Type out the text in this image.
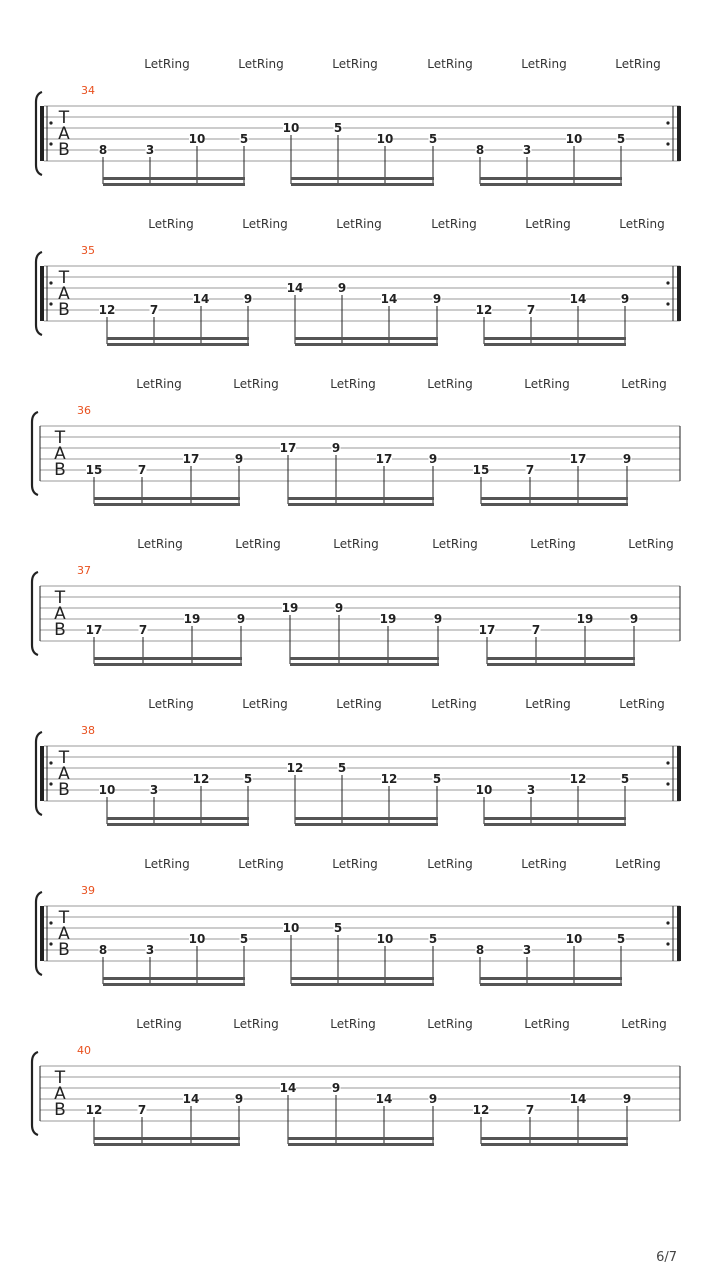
LetRing	LetRing	LetRing	LetRing	LetRing	LetRing
34
T
A
B 8	3
10	5
10	5
10	5
8	3
10	5
LetRing	LetRing	LetRing	LetRing	LetRing	LetRing
35
T
A
B 12	7
14	9
14	9
14	9
12	7
14	9
LetRing	LetRing	LetRing	LetRing	LetRing	LetRing
36
T
A
B 15	7
17	9
17	9
17	9
15	7
17	9
LetRing	LetRing	LetRing	LetRing	LetRing	LetRing
37
T
A
B 17	7
19	9
19	9
19	9
17	7
19	9
LetRing	LetRing	LetRing	LetRing	LetRing	LetRing
38
T
A
B 10	3
12	5
12	5
12	5
10	3
12	5
LetRing	LetRing	LetRing	LetRing	LetRing	LetRing
39
T
A
B 8	3
10	5
10	5
10	5
8	3
10	5
LetRing	LetRing	LetRing	LetRing	LetRing	LetRing
40
T
A
B 12	7
14	9
14	9
14	9
12	7
14	9
6/7
